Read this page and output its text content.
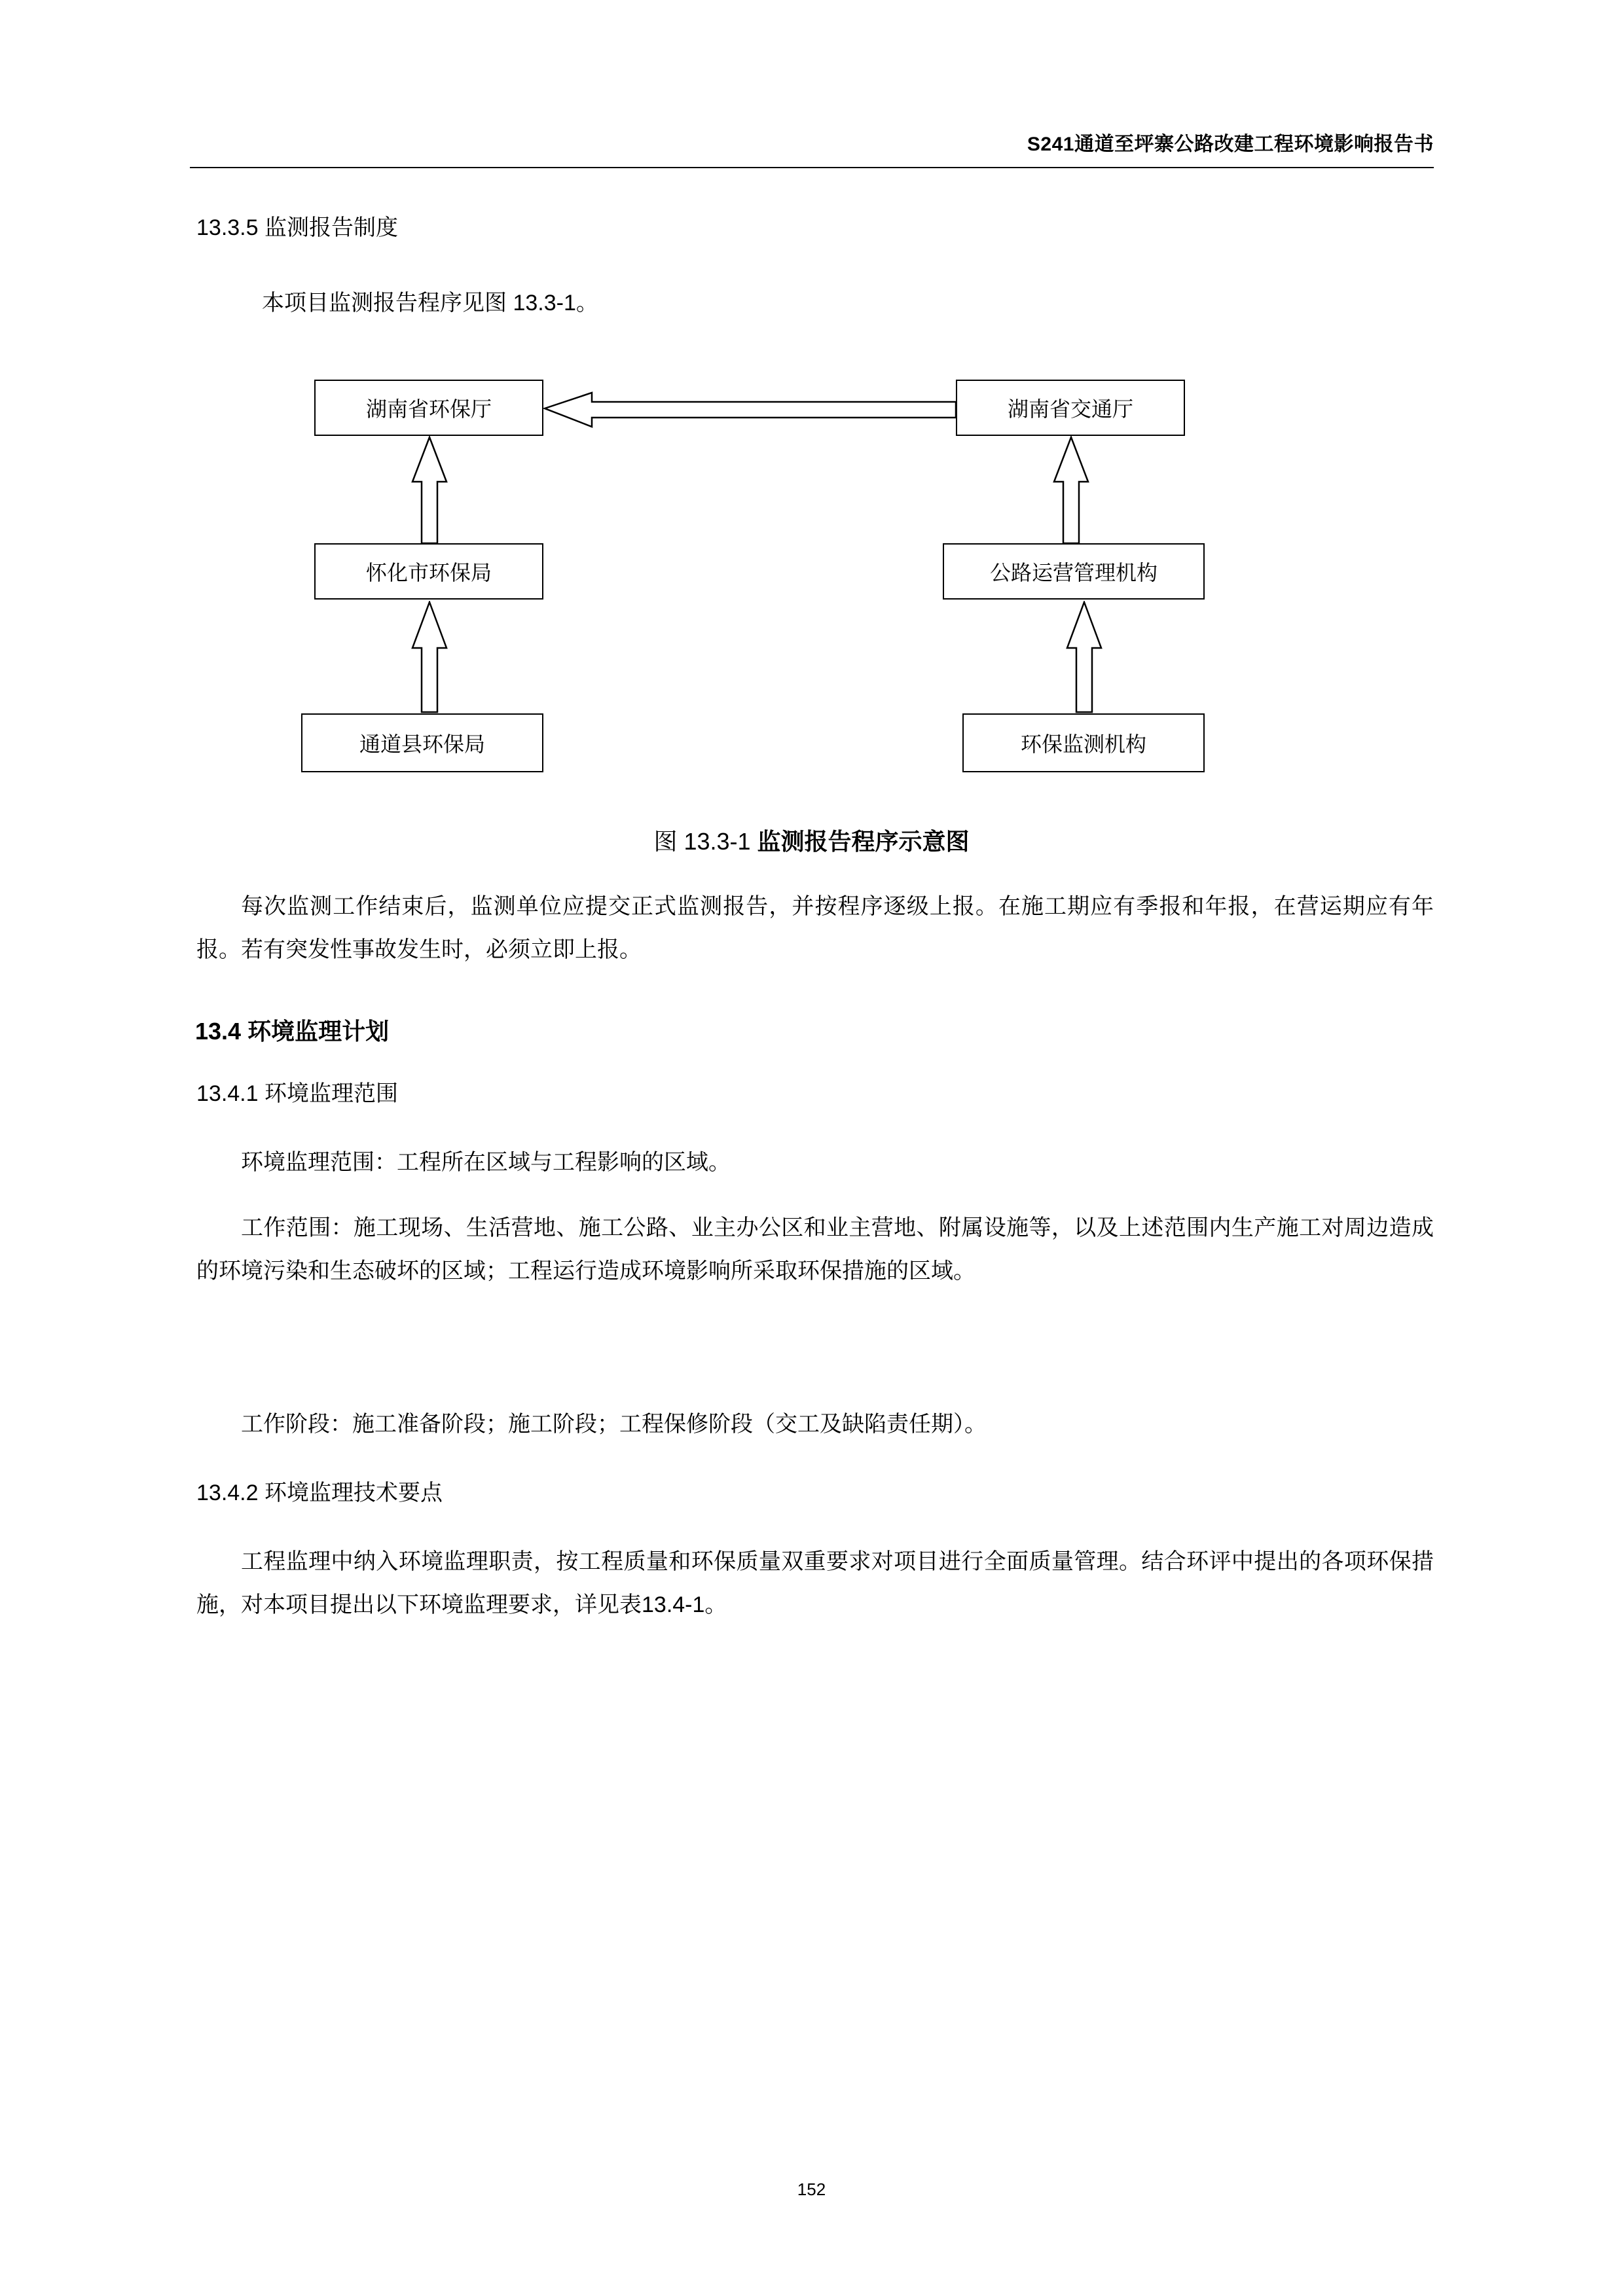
S241通道至坪寨公路改建工程环境影响报告书
13.3.5 监测报告制度
本项目监测报告程序见图 13.3-1。
湖南省环保厅	湖南省交通厅
怀化市环保局	公路运营管理机构
通道县环保局	环保监测机构
图 13.3-1 监测报告程序示意图
每次监测工作结束后，监测单位应提交正式监测报告，并按程序逐级上报。在施工期应有季报和年报，在营运期应有年报。若有突发性事故发生时，必须立即上报。
13.4 环境监理计划
13.4.1 环境监理范围
环境监理范围：工程所在区域与工程影响的区域。
工作范围：施工现场、生活营地、施工公路、业主办公区和业主营地、附属设施等，以及上述范围内生产施工对周边造成的环境污染和生态破坏的区域；工程运行造成环境影响所采取环保措施的区域。
工作阶段：施工准备阶段；施工阶段；工程保修阶段（交工及缺陷责任期）。
13.4.2 环境监理技术要点
工程监理中纳入环境监理职责，按工程质量和环保质量双重要求对项目进行全面质量管理。结合环评中提出的各项环保措施，对本项目提出以下环境监理要求，详见表13.4-1。
152
